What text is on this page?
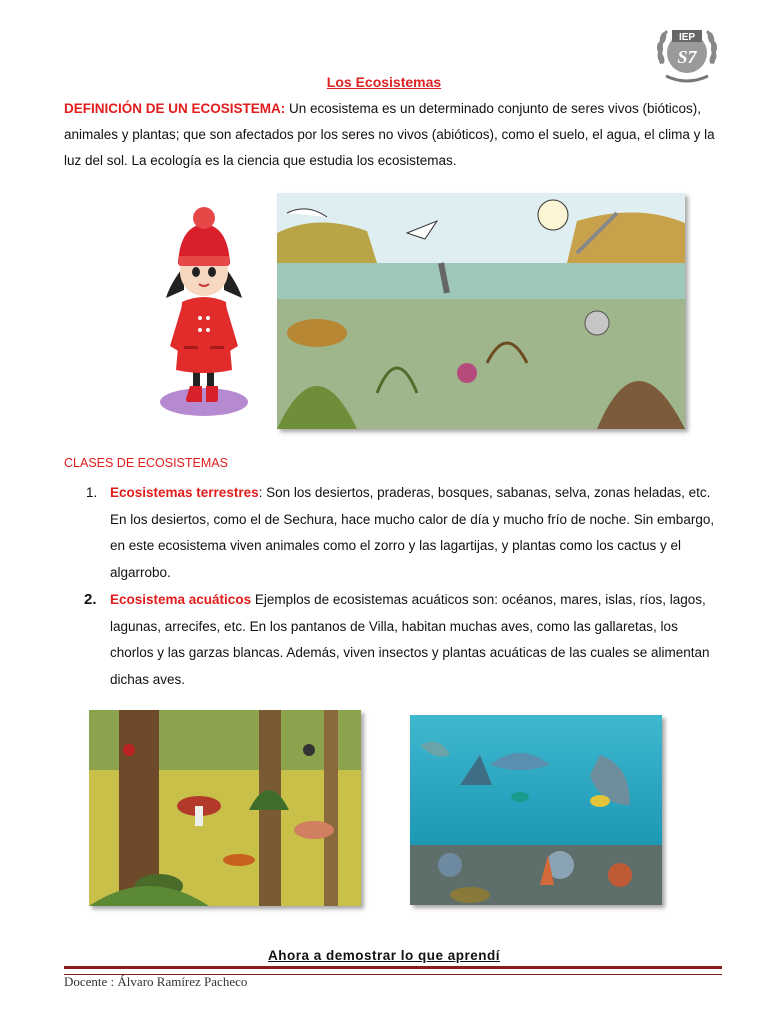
IEP
S7
Los Ecosistemas
DEFINICIÓN DE UN ECOSISTEMA: Un ecosistema es un determinado conjunto de seres vivos (bióticos), animales y plantas; que son afectados por los seres no vivos (abióticos), como el suelo, el agua, el clima y la luz del sol. La ecología es la ciencia que estudia los ecosistemas.
CLASES DE ECOSISTEMAS
1. Ecosistemas terrestres: Son los desiertos, praderas, bosques, sabanas, selva, zonas heladas, etc. En los desiertos, como el de Sechura, hace mucho calor de día y mucho frío de noche. Sin embargo, en este ecosistema viven animales como el zorro y las lagartijas, y plantas como los cactus y el algarrobo.
2. Ecosistema acuáticos Ejemplos de ecosistemas acuáticos son: océanos, mares, islas, ríos, lagos, lagunas, arrecifes, etc. En los pantanos de Villa, habitan muchas aves, como las gallaretas, los chorlos y las garzas blancas. Además, viven insectos y plantas acuáticas de las cuales se alimentan dichas aves.
Ahora a demostrar lo que aprendí
Docente : Álvaro Ramírez Pacheco
